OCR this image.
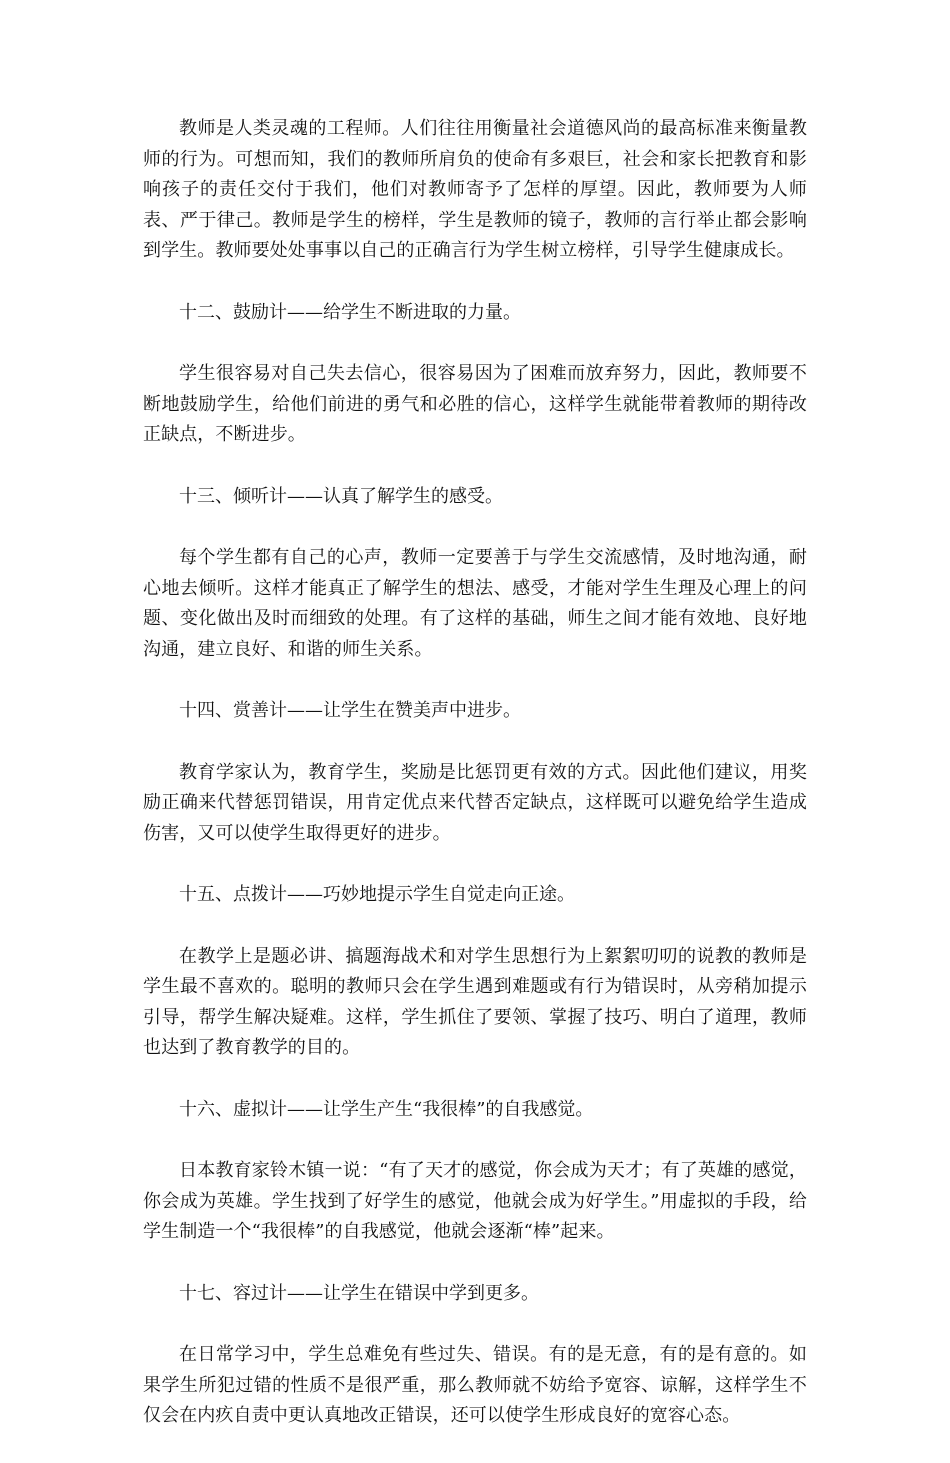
教师是人类灵魂的工程师。人们往往用衡量社会道德风尚的最高标准来衡量教师的行为。可想而知，我们的教师所肩负的使命有多艰巨，社会和家长把教育和影响孩子的责任交付于我们，他们对教师寄予了怎样的厚望。因此，教师要为人师表、严于律己。教师是学生的榜样，学生是教师的镜子，教师的言行举止都会影响到学生。教师要处处事事以自己的正确言行为学生树立榜样，引导学生健康成长。

十二、鼓励计——给学生不断进取的力量。

学生很容易对自己失去信心，很容易因为了困难而放弃努力，因此，教师要不断地鼓励学生，给他们前进的勇气和必胜的信心，这样学生就能带着教师的期待改正缺点，不断进步。

十三、倾听计——认真了解学生的感受。

每个学生都有自己的心声，教师一定要善于与学生交流感情，及时地沟通，耐心地去倾听。这样才能真正了解学生的想法、感受，才能对学生生理及心理上的问题、变化做出及时而细致的处理。有了这样的基础，师生之间才能有效地、良好地沟通，建立良好、和谐的师生关系。

十四、赏善计——让学生在赞美声中进步。

教育学家认为，教育学生，奖励是比惩罚更有效的方式。因此他们建议，用奖励正确来代替惩罚错误，用肯定优点来代替否定缺点，这样既可以避免给学生造成伤害，又可以使学生取得更好的进步。

十五、点拨计——巧妙地提示学生自觉走向正途。

在教学上是题必讲、搞题海战术和对学生思想行为上絮絮叨叨的说教的教师是学生最不喜欢的。聪明的教师只会在学生遇到难题或有行为错误时，从旁稍加提示引导，帮学生解决疑难。这样，学生抓住了要领、掌握了技巧、明白了道理，教师也达到了教育教学的目的。

十六、虚拟计——让学生产生“我很棒”的自我感觉。

日本教育家铃木镇一说：“有了天才的感觉，你会成为天才；有了英雄的感觉，你会成为英雄。学生找到了好学生的感觉，他就会成为好学生。”用虚拟的手段，给学生制造一个“我很棒”的自我感觉，他就会逐渐“棒”起来。

十七、容过计——让学生在错误中学到更多。

在日常学习中，学生总难免有些过失、错误。有的是无意，有的是有意的。如果学生所犯过错的性质不是很严重，那么教师就不妨给予宽容、谅解，这样学生不仅会在内疚自责中更认真地改正错误，还可以使学生形成良好的宽容心态。
